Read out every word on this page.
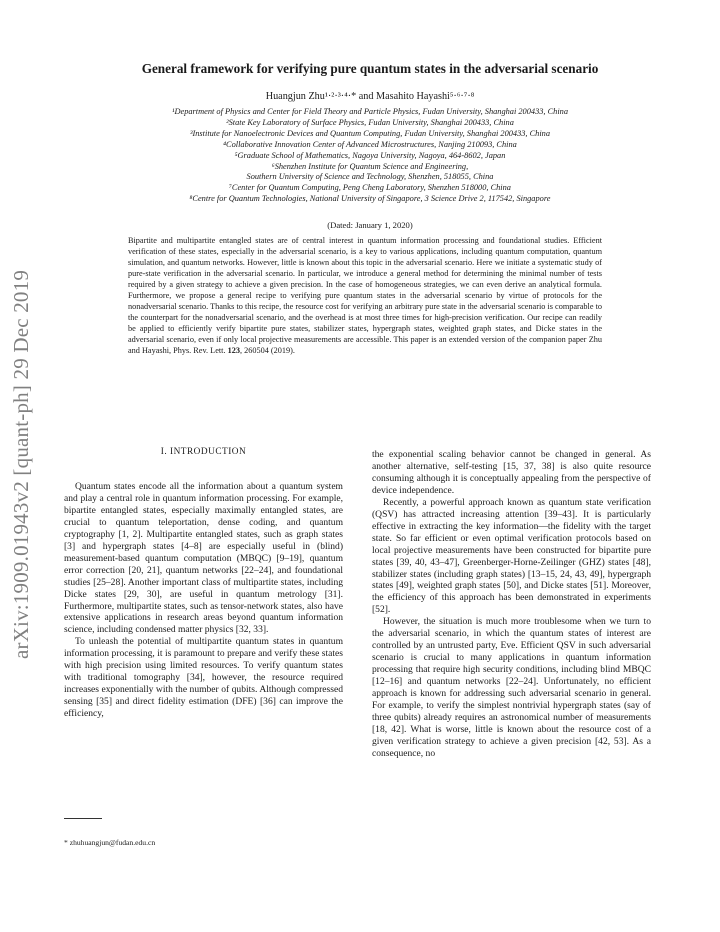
arXiv:1909.01943v2 [quant-ph] 29 Dec 2019
General framework for verifying pure quantum states in the adversarial scenario
Huangjun Zhu¹·²·³·⁴·* and Masahito Hayashi⁵·⁶·⁷·⁸
¹Department of Physics and Center for Field Theory and Particle Physics, Fudan University, Shanghai 200433, China
²State Key Laboratory of Surface Physics, Fudan University, Shanghai 200433, China
³Institute for Nanoelectronic Devices and Quantum Computing, Fudan University, Shanghai 200433, China
⁴Collaborative Innovation Center of Advanced Microstructures, Nanjing 210093, China
⁵Graduate School of Mathematics, Nagoya University, Nagoya, 464-8602, Japan
⁶Shenzhen Institute for Quantum Science and Engineering,
Southern University of Science and Technology, Shenzhen, 518055, China
⁷Center for Quantum Computing, Peng Cheng Laboratory, Shenzhen 518000, China
⁸Centre for Quantum Technologies, National University of Singapore, 3 Science Drive 2, 117542, Singapore
(Dated: January 1, 2020)
Bipartite and multipartite entangled states are of central interest in quantum information processing and foundational studies. Efficient verification of these states, especially in the adversarial scenario, is a key to various applications, including quantum computation, quantum simulation, and quantum networks. However, little is known about this topic in the adversarial scenario. Here we initiate a systematic study of pure-state verification in the adversarial scenario. In particular, we introduce a general method for determining the minimal number of tests required by a given strategy to achieve a given precision. In the case of homogeneous strategies, we can even derive an analytical formula. Furthermore, we propose a general recipe to verifying pure quantum states in the adversarial scenario by virtue of protocols for the nonadversarial scenario. Thanks to this recipe, the resource cost for verifying an arbitrary pure state in the adversarial scenario is comparable to the counterpart for the nonadversarial scenario, and the overhead is at most three times for high-precision verification. Our recipe can readily be applied to efficiently verify bipartite pure states, stabilizer states, hypergraph states, weighted graph states, and Dicke states in the adversarial scenario, even if only local projective measurements are accessible. This paper is an extended version of the companion paper Zhu and Hayashi, Phys. Rev. Lett. 123, 260504 (2019).
I. INTRODUCTION

Quantum states encode all the information about a quantum system and play a central role in quantum information processing. For example, bipartite entangled states, especially maximally entangled states, are crucial to quantum teleportation, dense coding, and quantum cryptography [1, 2]. Multipartite entangled states, such as graph states [3] and hypergraph states [4–8] are especially useful in (blind) measurement-based quantum computation (MBQC) [9–19], quantum error correction [20, 21], quantum networks [22–24], and foundational studies [25–28]. Another important class of multipartite states, including Dicke states [29, 30], are useful in quantum metrology [31]. Furthermore, multipartite states, such as tensor-network states, also have extensive applications in research areas beyond quantum information science, including condensed matter physics [32, 33].

To unleash the potential of multipartite quantum states in quantum information processing, it is paramount to prepare and verify these states with high precision using limited resources. To verify quantum states with traditional tomography [34], however, the resource required increases exponentially with the number of qubits. Although compressed sensing [35] and direct fidelity estimation (DFE) [36] can improve the efficiency,

the exponential scaling behavior cannot be changed in general. As another alternative, self-testing [15, 37, 38] is also quite resource consuming although it is conceptually appealing from the perspective of device independence.

Recently, a powerful approach known as quantum state verification (QSV) has attracted increasing attention [39–43]. It is particularly effective in extracting the key information—the fidelity with the target state. So far efficient or even optimal verification protocols based on local projective measurements have been constructed for bipartite pure states [39, 40, 43–47], Greenberger-Horne-Zeilinger (GHZ) states [48], stabilizer states (including graph states) [13–15, 24, 43, 49], hypergraph states [49], weighted graph states [50], and Dicke states [51]. Moreover, the efficiency of this approach has been demonstrated in experiments [52].

However, the situation is much more troublesome when we turn to the adversarial scenario, in which the quantum states of interest are controlled by an untrusted party, Eve. Efficient QSV in such adversarial scenario is crucial to many applications in quantum information processing that require high security conditions, including blind MBQC [12–16] and quantum networks [22–24]. Unfortunately, no efficient approach is known for addressing such adversarial scenario in general. For example, to verify the simplest nontrivial hypergraph states (say of three qubits) already requires an astronomical number of measurements [18, 42]. What is worse, little is known about the resource cost of a given verification strategy to achieve a given precision [42, 53]. As a consequence, no

* zhuhuangjun@fudan.edu.cn
